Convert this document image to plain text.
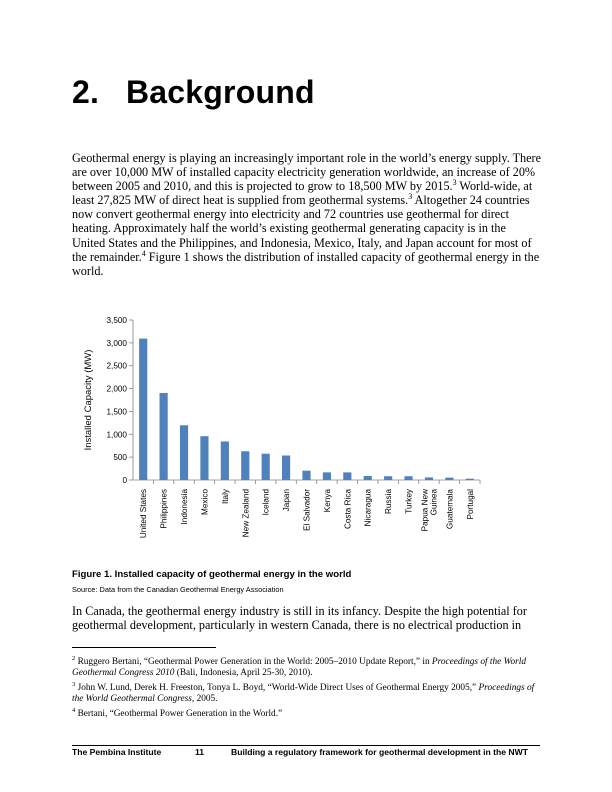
2. Background
Geothermal energy is playing an increasingly important role in the world’s energy supply. There are over 10,000 MW of installed capacity electricity generation worldwide, an increase of 20% between 2005 and 2010, and this is projected to grow to 18,500 MW by 2015.$^3$ World-wide, at least 27,825 MW of direct heat is supplied from geothermal systems.$^3$ Altogether 24 countries now convert geothermal energy into electricity and 72 countries use geothermal for direct heating. Approximately half the world’s existing geothermal generating capacity is in the United States and the Philippines, and Indonesia, Mexico, Italy, and Japan account for most of the remainder.$^4$ Figure 1 shows the distribution of installed capacity of geothermal energy in the world.
0
500
1,000
1,500
2,000
2,500
3,000
3,500
Installed Capacity (MW)
United States Philippines Indonesia Mexico Italy New Zealand Iceland Japan El Salvador Kenya Costa Rica Nicaragua Russia Turkey Papua NewGuinea Guatemala Portugal
Figure 1. Installed capacity of geothermal energy in the world
Source: Data from the Canadian Geothermal Energy Association
In Canada, the geothermal energy industry is still in its infancy. Despite the high potential for geothermal development, particularly in western Canada, there is no electrical production in
$^2$ Ruggero Bertani, “Geothermal Power Generation in the World: 2005–2010 Update Report,” in Proceedings of the World Geothermal Congress 2010 (Bali, Indonesia, April 25-30, 2010).
$^3$ John W. Lund, Derek H. Freeston, Tonya L. Boyd, “World-Wide Direct Uses of Geothermal Energy 2005,” Proceedings of the World Geothermal Congress, 2005.
$^4$ Bertani, “Geothermal Power Generation in the World.”
The Pembina Institute	11	Building a regulatory framework for geothermal development in the NWT
